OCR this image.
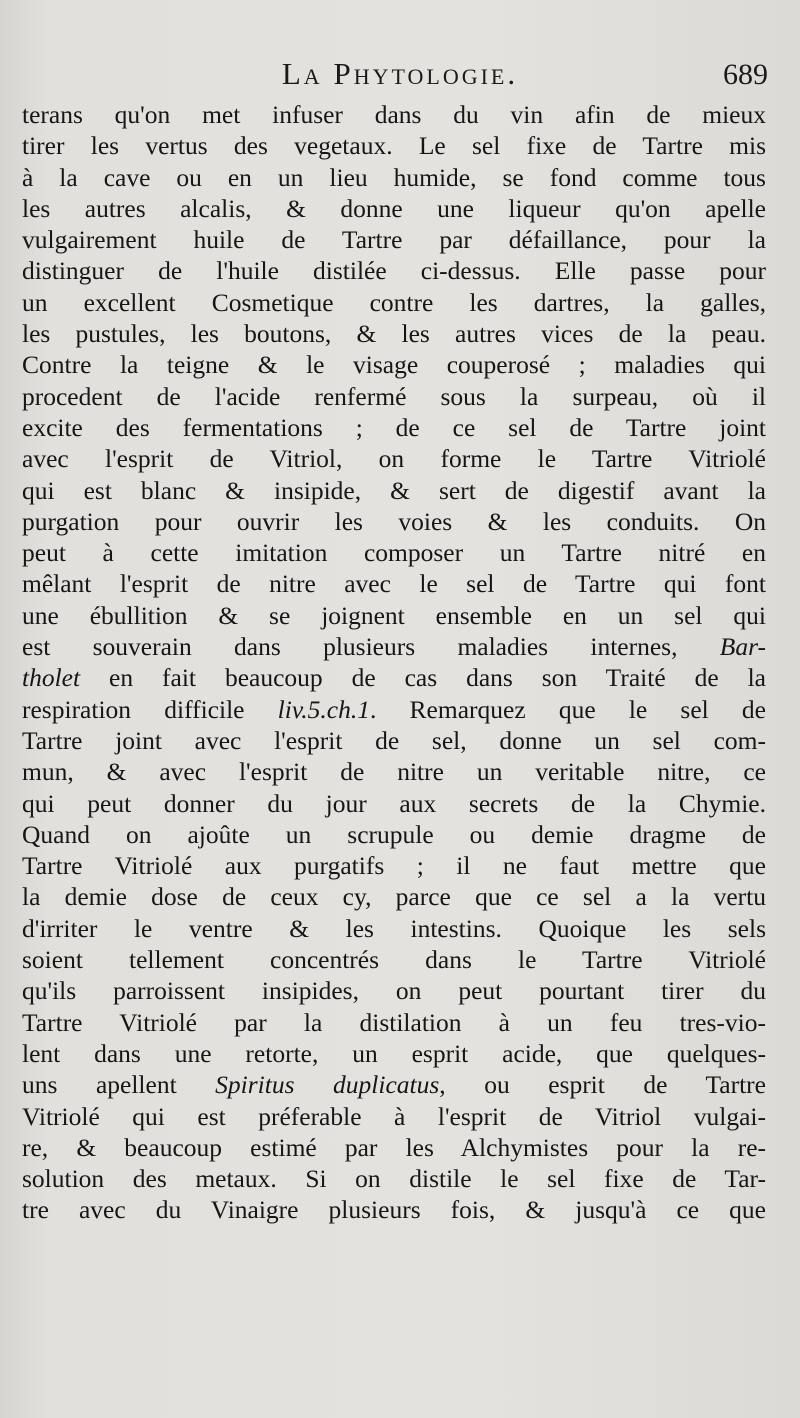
La Phytologie.	689
terans qu'on met infuser dans du vin afin de mieux
tirer les vertus des vegetaux. Le sel fixe de Tartre mis
à la cave ou en un lieu humide, se fond comme tous
les autres alcalis, & donne une liqueur qu'on apelle
vulgairement huile de Tartre par défaillance, pour la
distinguer de l'huile distilée ci-dessus. Elle passe pour
un excellent Cosmetique contre les dartres, la galles,
les pustules, les boutons, & les autres vices de la peau.
Contre la teigne & le visage couperosé ; maladies qui
procedent de l'acide renfermé sous la surpeau, où il
excite des fermentations ; de ce sel de Tartre joint
avec l'esprit de Vitriol, on forme le Tartre Vitriolé
qui est blanc & insipide, & sert de digestif avant la
purgation pour ouvrir les voies & les conduits. On
peut à cette imitation composer un Tartre nitré en
mêlant l'esprit de nitre avec le sel de Tartre qui font
une ébullition & se joignent ensemble en un sel qui
est souverain dans plusieurs maladies internes, Bar-
tholet en fait beaucoup de cas dans son Traité de la
respiration difficile liv.5.ch.1. Remarquez que le sel de
Tartre joint avec l'esprit de sel, donne un sel com-
mun, & avec l'esprit de nitre un veritable nitre, ce
qui peut donner du jour aux secrets de la Chymie.
Quand on ajoûte un scrupule ou demie dragme de
Tartre Vitriolé aux purgatifs ; il ne faut mettre que
la demie dose de ceux cy, parce que ce sel a la vertu
d'irriter le ventre & les intestins. Quoique les sels
soient tellement concentrés dans le Tartre Vitriolé
qu'ils parroissent insipides, on peut pourtant tirer du
Tartre Vitriolé par la distilation à un feu tres-vio-
lent dans une retorte, un esprit acide, que quelques-
uns apellent Spiritus duplicatus, ou esprit de Tartre
Vitriolé qui est préferable à l'esprit de Vitriol vulgai-
re, & beaucoup estimé par les Alchymistes pour la re-
solution des metaux. Si on distile le sel fixe de Tar-
tre avec du Vinaigre plusieurs fois, & jusqu'à ce que
